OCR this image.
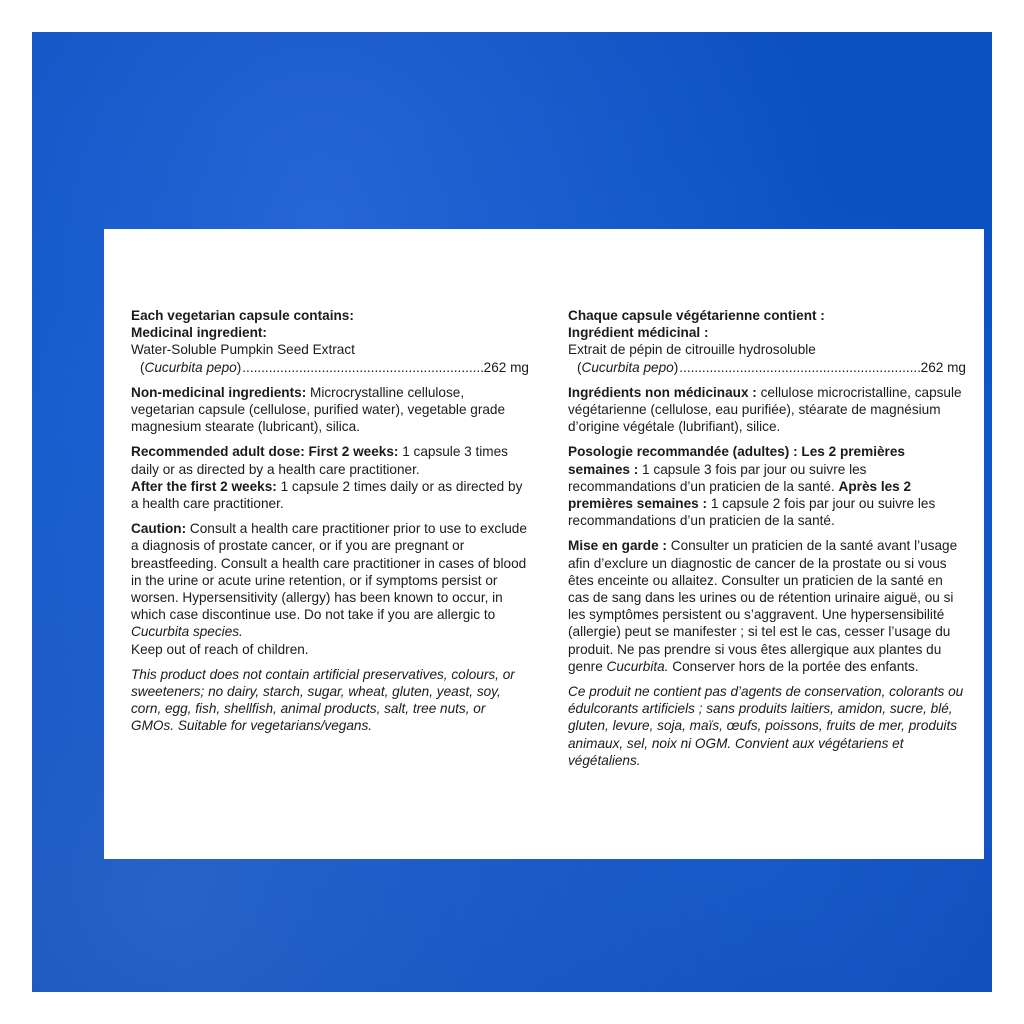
Each vegetarian capsule contains:
Medicinal ingredient:
Water-Soluble Pumpkin Seed Extract
(Cucurbita pepo) .....	262 mg

Non-medicinal ingredients: Microcrystalline cellulose, vegetarian capsule (cellulose, purified water), vegetable grade magnesium stearate (lubricant), silica.

Recommended adult dose: First 2 weeks: 1 capsule 3 times daily or as directed by a health care practitioner.
After the first 2 weeks: 1 capsule 2 times daily or as directed by a health care practitioner.

Caution: Consult a health care practitioner prior to use to exclude a diagnosis of prostate cancer, or if you are pregnant or breastfeeding. Consult a health care practitioner in cases of blood in the urine or acute urine retention, or if symptoms persist or worsen. Hypersensitivity (allergy) has been known to occur, in which case discontinue use. Do not take if you are allergic to Cucurbita species.
Keep out of reach of children.

This product does not contain artificial preservatives, colours, or sweeteners; no dairy, starch, sugar, wheat, gluten, yeast, soy, corn, egg, fish, shellfish, animal products, salt, tree nuts, or GMOs. Suitable for vegetarians/vegans.

Chaque capsule végétarienne contient :
Ingrédient médicinal :
Extrait de pépin de citrouille hydrosoluble
(Cucurbita pepo) .....	262 mg

Ingrédients non médicinaux : cellulose microcristalline, capsule végétarienne (cellulose, eau purifiée), stéarate de magnésium d’origine végétale (lubrifiant), silice.

Posologie recommandée (adultes) : Les 2 premières semaines : 1 capsule 3 fois par jour ou suivre les recommandations d’un praticien de la santé. Après les 2 premières semaines : 1 capsule 2 fois par jour ou suivre les recommandations d’un praticien de la santé.

Mise en garde : Consulter un praticien de la santé avant l’usage afin d’exclure un diagnostic de cancer de la prostate ou si vous êtes enceinte ou allaitez. Consulter un praticien de la santé en cas de sang dans les urines ou de rétention urinaire aiguë, ou si les symptômes persistent ou s’aggravent. Une hypersensibilité (allergie) peut se manifester ; si tel est le cas, cesser l’usage du produit. Ne pas prendre si vous êtes allergique aux plantes du genre Cucurbita. Conserver hors de la portée des enfants.

Ce produit ne contient pas d’agents de conservation, colorants ou édulcorants artificiels ; sans produits laitiers, amidon, sucre, blé, gluten, levure, soja, maïs, œufs, poissons, fruits de mer, produits animaux, sel, noix ni OGM. Convient aux végétariens et végétaliens.
